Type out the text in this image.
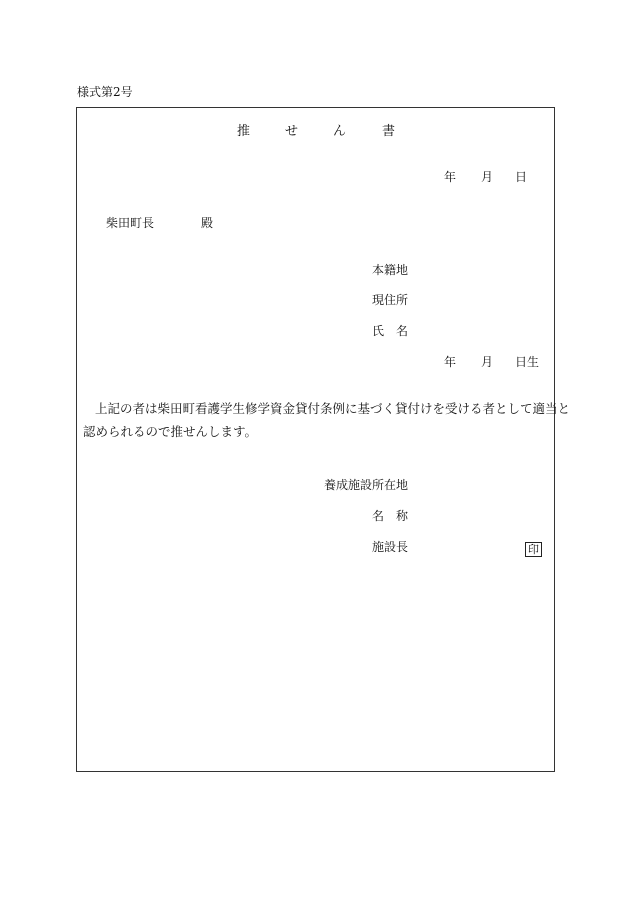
様式第2号
推	せ	ん	書
年 月 日
柴田町長	殿
本籍地
現住所
氏 名
年 月 日生
上記の者は柴田町看護学生修学資金貸付条例に基づく貸付けを受ける者として適当と
認められるので推せんします。
養成施設所在地
名 称
施設長	印
